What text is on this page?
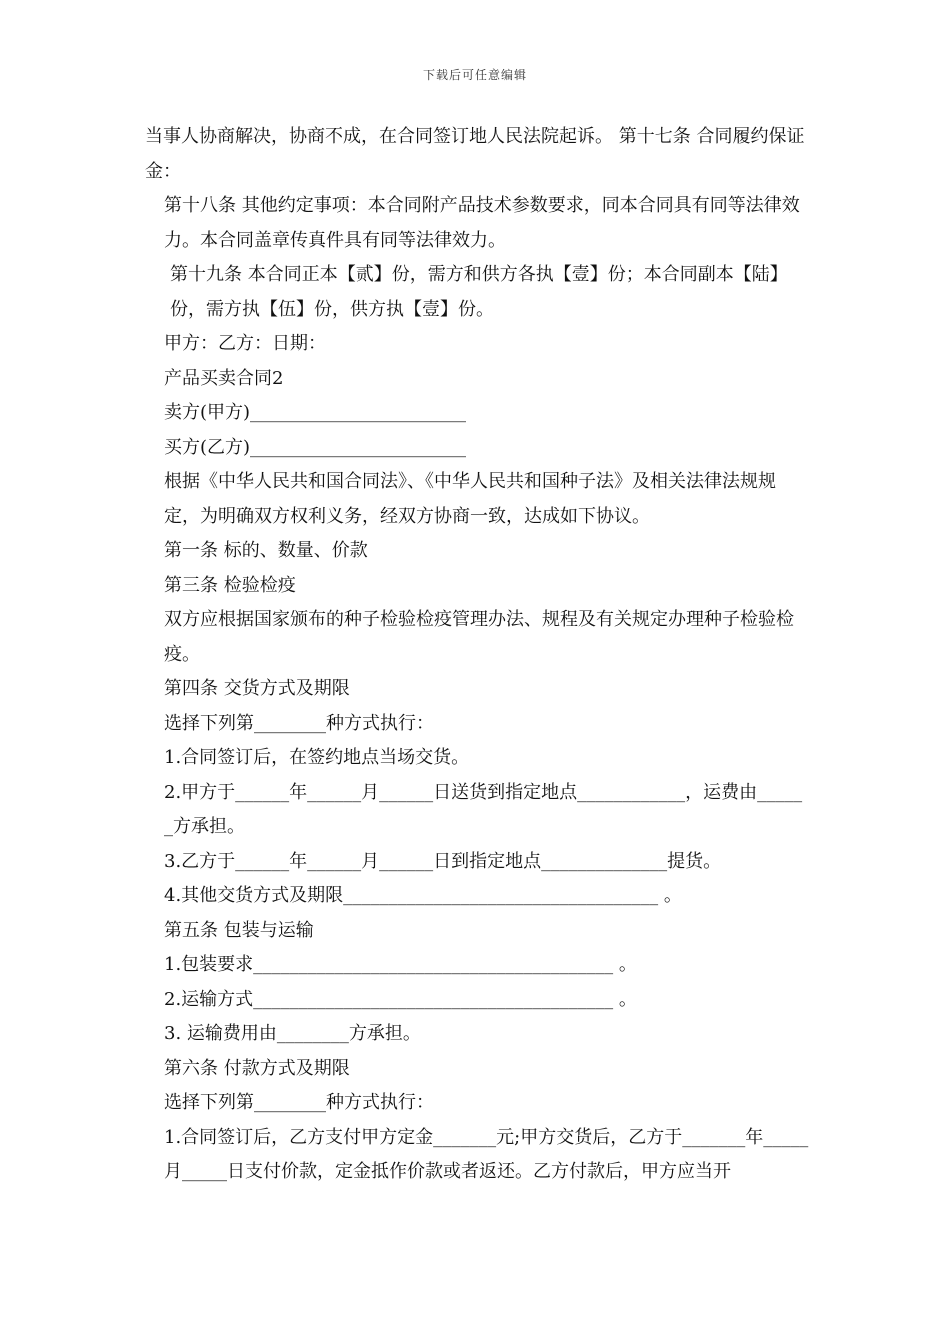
下载后可任意编辑

当事人协商解决，协商不成，在合同签订地人民法院起诉。 第十七条 合同履约保证金：

第十八条 其他约定事项：本合同附产品技术参数要求，同本合同具有同等法律效力。本合同盖章传真件具有同等法律效力。

第十九条 本合同正本【贰】份，需方和供方各执【壹】份；本合同副本【陆】份，需方执【伍】份，供方执【壹】份。

甲方：乙方：日期：

产品买卖合同2

卖方(甲方)________________________

买方(乙方)________________________

根据《中华人民共和国合同法》、《中华人民共和国种子法》及相关法律法规规定，为明确双方权利义务，经双方协商一致，达成如下协议。

第一条 标的、数量、价款

第三条 检验检疫

双方应根据国家颁布的种子检验检疫管理办法、规程及有关规定办理种子检验检疫。

第四条 交货方式及期限

选择下列第________种方式执行：

1.合同签订后，在签约地点当场交货。

2.甲方于______年______月______日送货到指定地点____________，运费由______方承担。

3.乙方于______年______月______日到指定地点______________提货。

4.其他交货方式及期限___________________________________ 。

第五条 包装与运输

1.包装要求________________________________________ 。

2.运输方式________________________________________ 。

3. 运输费用由________方承担。

第六条 付款方式及期限

选择下列第________种方式执行：

1.合同签订后，乙方支付甲方定金_______元;甲方交货后，乙方于_______年_____月_____日支付价款，定金抵作价款或者返还。乙方付款后，甲方应当开
